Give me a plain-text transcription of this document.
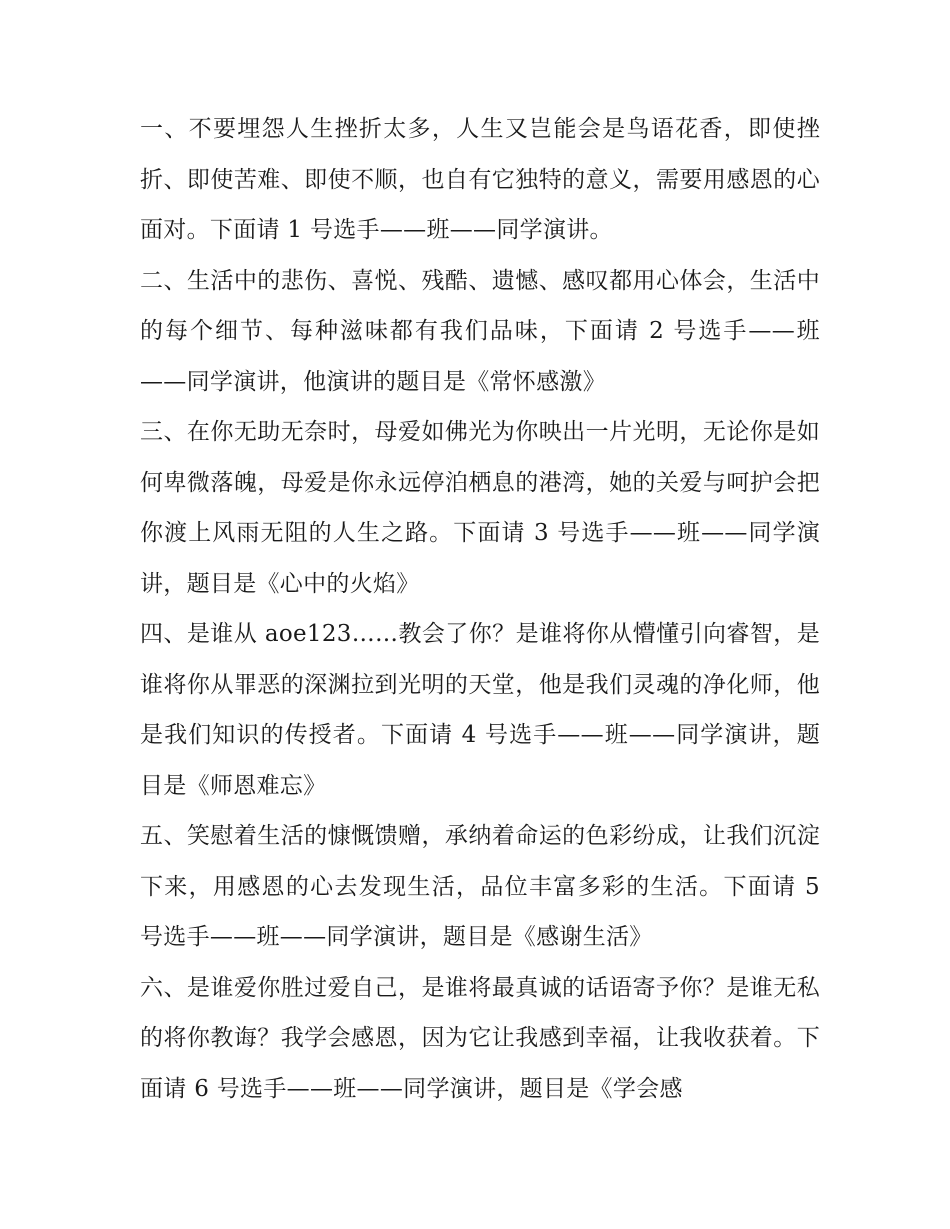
一、不要埋怨人生挫折太多，人生又岂能会是鸟语花香，即使挫折、即使苦难、即使不顺，也自有它独特的意义，需要用感恩的心面对。下面请 1 号选手——班——同学演讲。

二、生活中的悲伤、喜悦、残酷、遗憾、感叹都用心体会，生活中的每个细节、每种滋味都有我们品味，下面请 2 号选手——班——同学演讲，他演讲的题目是《常怀感激》

三、在你无助无奈时，母爱如佛光为你映出一片光明，无论你是如何卑微落魄，母爱是你永远停泊栖息的港湾，她的关爱与呵护会把你渡上风雨无阻的人生之路。下面请 3 号选手——班——同学演讲，题目是《心中的火焰》

四、是谁从 aoe123……教会了你？是谁将你从懵懂引向睿智，是谁将你从罪恶的深渊拉到光明的天堂，他是我们灵魂的净化师，他是我们知识的传授者。下面请 4 号选手——班——同学演讲，题目是《师恩难忘》

五、笑慰着生活的慷慨馈赠，承纳着命运的色彩纷成，让我们沉淀下来，用感恩的心去发现生活，品位丰富多彩的生活。下面请 5 号选手——班——同学演讲，题目是《感谢生活》

六、是谁爱你胜过爱自己，是谁将最真诚的话语寄予你？是谁无私的将你教诲？我学会感恩，因为它让我感到幸福，让我收获着。下面请 6 号选手——班——同学演讲，题目是《学会感
